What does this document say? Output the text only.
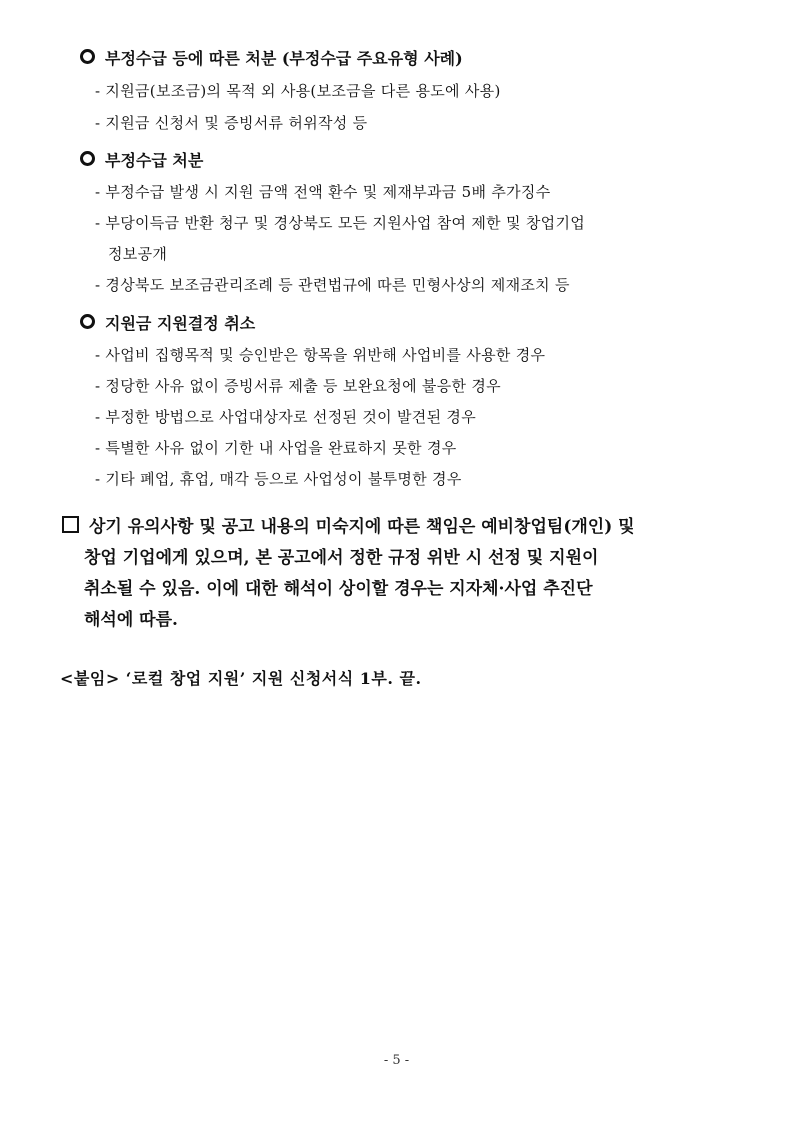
부정수급 등에 따른 처분 (부정수급 주요유형 사례)
- 지원금(보조금)의 목적 외 사용(보조금을 다른 용도에 사용)
- 지원금 신청서 및 증빙서류 허위작성 등
부정수급 처분
- 부정수급 발생 시 지원 금액 전액 환수 및 제재부과금 5배 추가징수
- 부당이득금 반환 청구 및 경상북도 모든 지원사업 참여 제한 및 창업기업
정보공개
- 경상북도 보조금관리조례 등 관련법규에 따른 민형사상의 제재조치 등
지원금 지원결정 취소
- 사업비 집행목적 및 승인받은 항목을 위반해 사업비를 사용한 경우
- 정당한 사유 없이 증빙서류 제출 등 보완요청에 불응한 경우
- 부정한 방법으로 사업대상자로 선정된 것이 발견된 경우
- 특별한 사유 없이 기한 내 사업을 완료하지 못한 경우
- 기타 폐업, 휴업, 매각 등으로 사업성이 불투명한 경우
상기 유의사항 및 공고 내용의 미숙지에 따른 책임은 예비창업팀(개인) 및
창업 기업에게 있으며, 본 공고에서 정한 규정 위반 시 선정 및 지원이
취소될 수 있음. 이에 대한 해석이 상이할 경우는 지자체·사업 추진단
해석에 따름.
<붙임> ‘로컬 창업 지원’ 지원 신청서식 1부. 끝.
- 5 -
